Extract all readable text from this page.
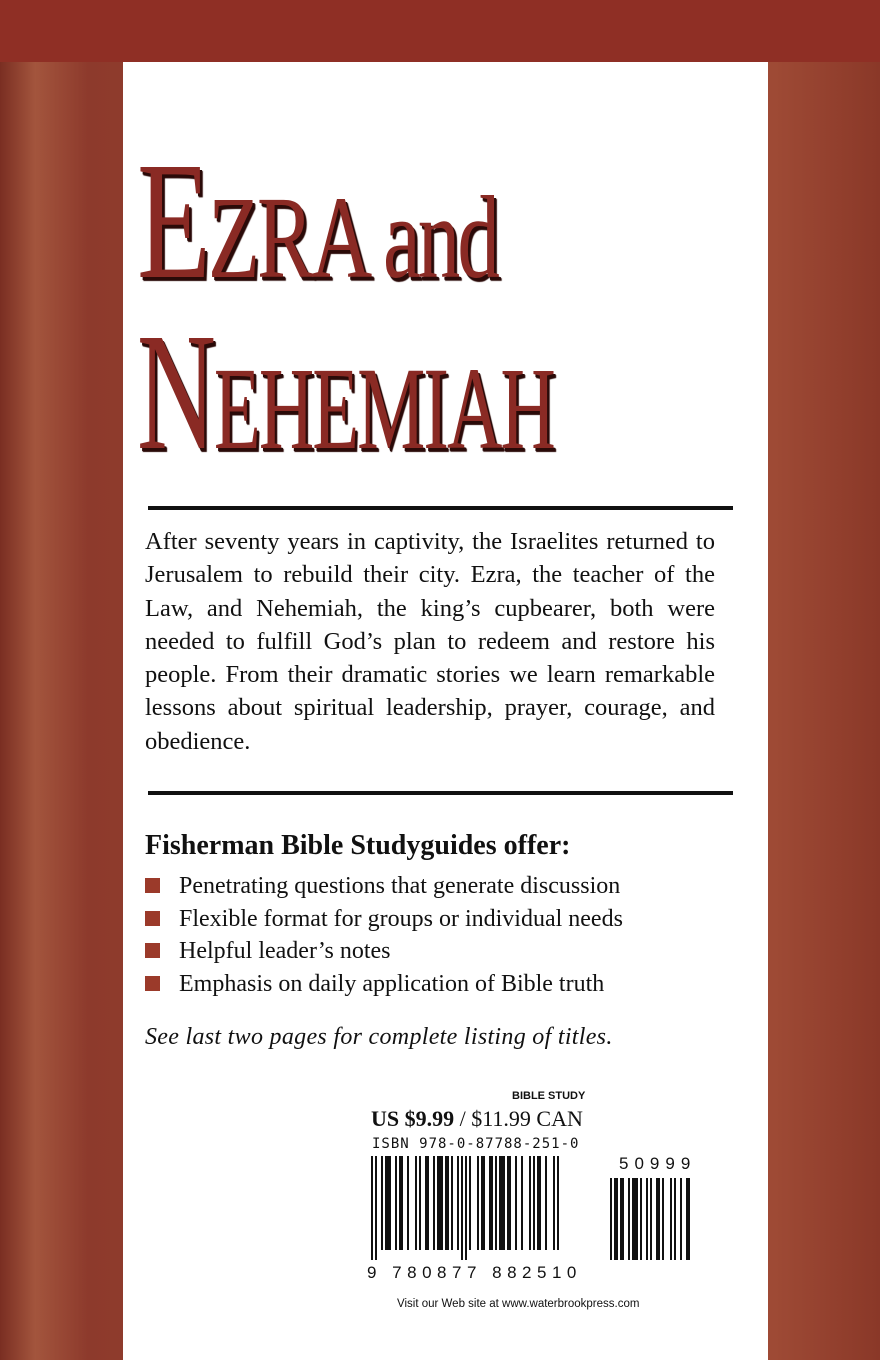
EZRA and
NEHEMIAH

After seventy years in captivity, the Israelites returned to Jerusalem to rebuild their city. Ezra, the teacher of the Law, and Nehemiah, the king’s cupbearer, both were needed to fulfill God’s plan to redeem and restore his people. From their dramatic stories we learn remarkable lessons about spiritual leadership, prayer, courage, and obedience.

Fisherman Bible Studyguides offer:
Penetrating questions that generate discussion
Flexible format for groups or individual needs
Helpful leader’s notes
Emphasis on daily application of Bible truth

See last two pages for complete listing of titles.

BIBLE STUDY
US $9.99 / $11.99 CAN
ISBN 978-0-87788-251-0
9 780877 882510
50999
Visit our Web site at www.waterbrookpress.com
